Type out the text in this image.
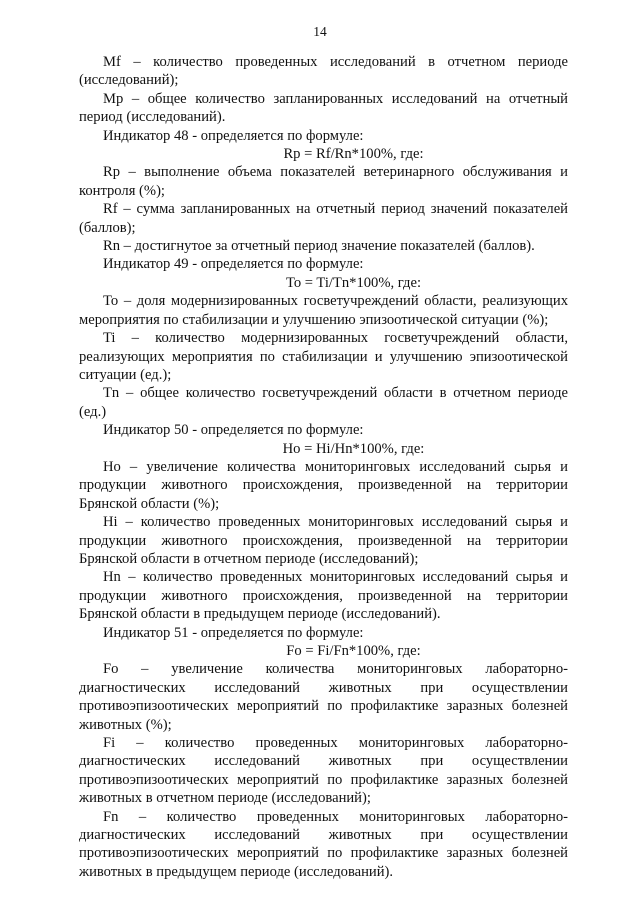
14

Mf – количество проведенных исследований в отчетном периоде (исследований);

Mp – общее количество запланированных исследований на отчетный период (исследований).

Индикатор 48 - определяется по формуле:

Rp = Rf/Rn*100%, где:

Rp – выполнение объема показателей ветеринарного обслуживания и контроля (%);

Rf – сумма запланированных на отчетный период значений показателей (баллов);

Rn – достигнутое за отчетный период значение показателей (баллов).

Индикатор 49 - определяется по формуле:

To = Ti/Tn*100%, где:

To – доля модернизированных госветучреждений области, реализующих мероприятия по стабилизации и улучшению эпизоотической ситуации (%);

Ti – количество модернизированных госветучреждений области, реализующих мероприятия по стабилизации и улучшению эпизоотической ситуации (ед.);

Tn – общее количество госветучреждений области в отчетном периоде (ед.)

Индикатор 50 - определяется по формуле:

Ho = Hi/Hn*100%, где:

Ho – увеличение количества мониторинговых исследований сырья и продукции животного происхождения, произведенной на территории Брянской области (%);

Hi – количество проведенных мониторинговых исследований сырья и продукции животного происхождения, произведенной на территории Брянской области в отчетном периоде (исследований);

Hn – количество проведенных мониторинговых исследований сырья и продукции животного происхождения, произведенной на территории Брянской области в предыдущем периоде (исследований).

Индикатор 51 - определяется по формуле:

Fo = Fi/Fn*100%, где:

Fo – увеличение количества мониторинговых лабораторно-диагностических исследований животных при осуществлении противоэпизоотических мероприятий по профилактике заразных болезней животных (%);

Fi – количество проведенных мониторинговых лабораторно-диагностических исследований животных при осуществлении противоэпизоотических мероприятий по профилактике заразных болезней животных в отчетном периоде (исследований);

Fn – количество проведенных мониторинговых лабораторно-диагностических исследований животных при осуществлении противоэпизоотических мероприятий по профилактике заразных болезней животных в предыдущем периоде (исследований).
